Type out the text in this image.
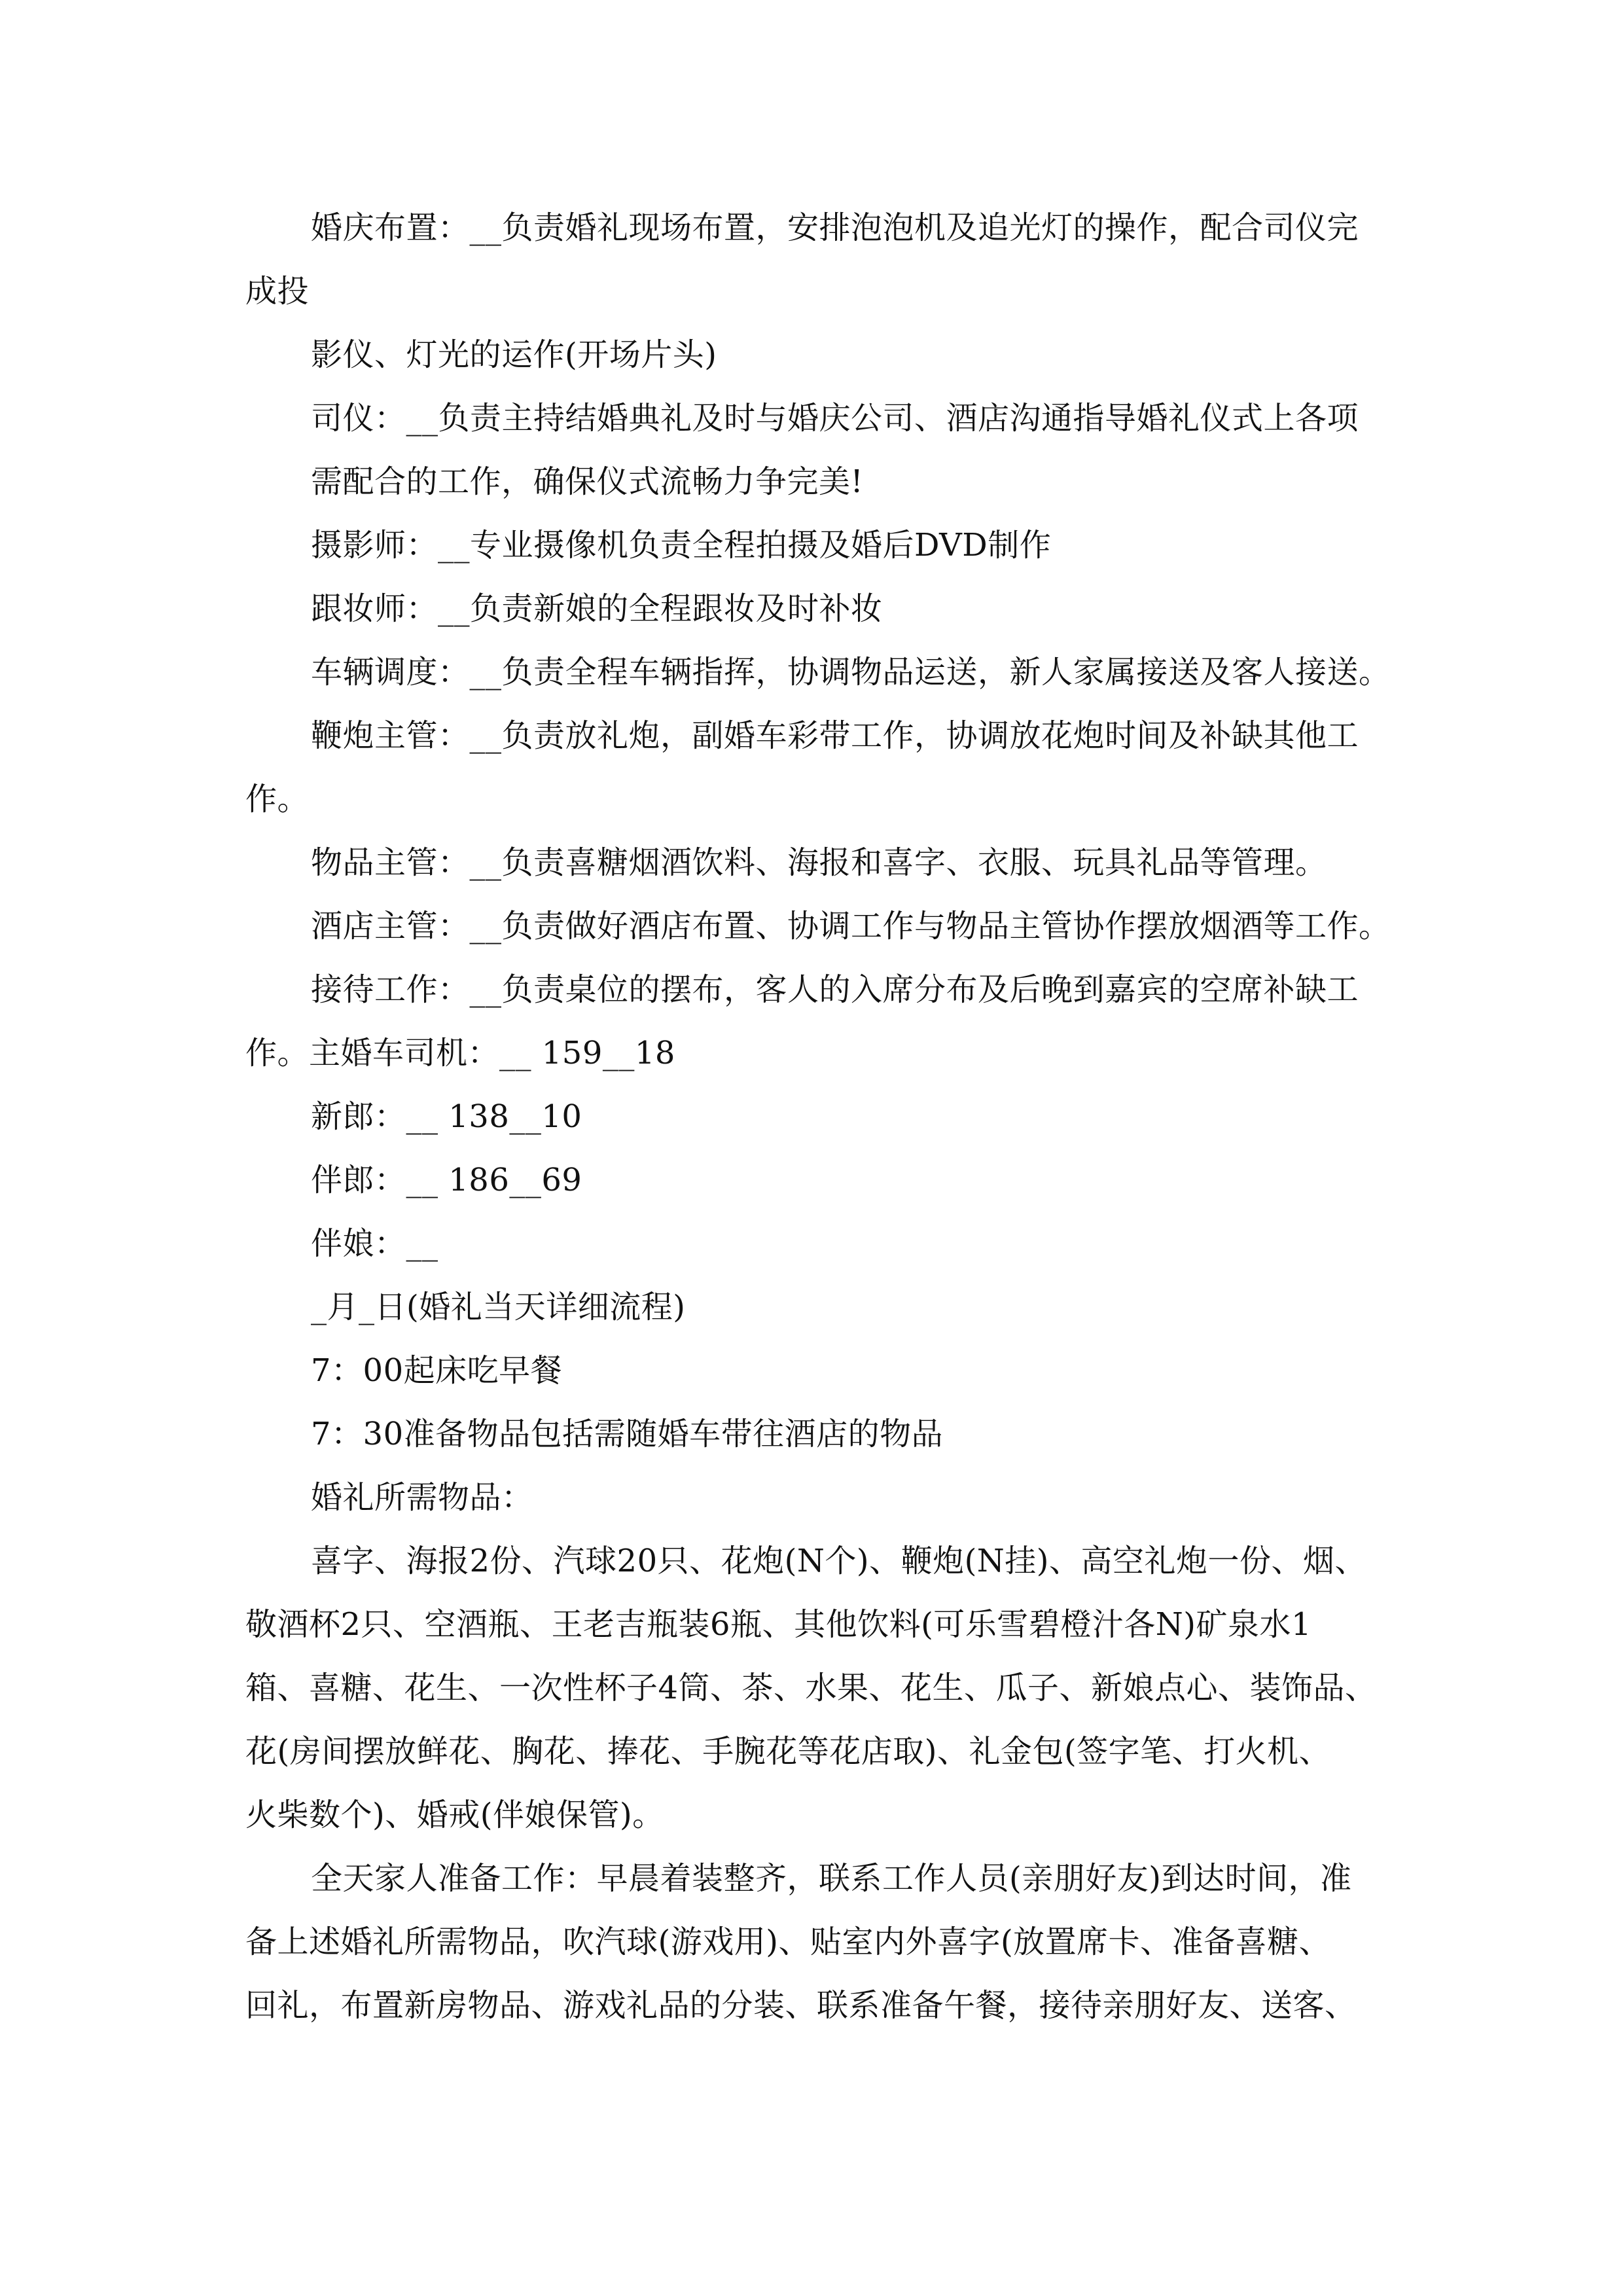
婚庆布置：__负责婚礼现场布置，安排泡泡机及追光灯的操作，配合司仪完
成投
影仪、灯光的运作(开场片头)
司仪：__负责主持结婚典礼及时与婚庆公司、酒店沟通指导婚礼仪式上各项
需配合的工作，确保仪式流畅力争完美!
摄影师：__专业摄像机负责全程拍摄及婚后DVD制作
跟妆师：__负责新娘的全程跟妆及时补妆
车辆调度：__负责全程车辆指挥，协调物品运送，新人家属接送及客人接送。
鞭炮主管：__负责放礼炮，副婚车彩带工作，协调放花炮时间及补缺其他工
作。
物品主管：__负责喜糖烟酒饮料、海报和喜字、衣服、玩具礼品等管理。
酒店主管：__负责做好酒店布置、协调工作与物品主管协作摆放烟酒等工作。
接待工作：__负责桌位的摆布，客人的入席分布及后晚到嘉宾的空席补缺工
作。主婚车司机：__ 159__18
新郎：__ 138__10
伴郎：__ 186__69
伴娘：__
_月_日(婚礼当天详细流程)
7：00起床吃早餐
7：30准备物品包括需随婚车带往酒店的物品
婚礼所需物品：
喜字、海报2份、汽球20只、花炮(N个)、鞭炮(N挂)、高空礼炮一份、烟、
敬酒杯2只、空酒瓶、王老吉瓶装6瓶、其他饮料(可乐雪碧橙汁各N)矿泉水1
箱、喜糖、花生、一次性杯子4筒、茶、水果、花生、瓜子、新娘点心、装饰品、
花(房间摆放鲜花、胸花、捧花、手腕花等花店取)、礼金包(签字笔、打火机、
火柴数个)、婚戒(伴娘保管)。
全天家人准备工作：早晨着装整齐，联系工作人员(亲朋好友)到达时间，准
备上述婚礼所需物品，吹汽球(游戏用)、贴室内外喜字(放置席卡、准备喜糖、
回礼，布置新房物品、游戏礼品的分装、联系准备午餐，接待亲朋好友、送客、
